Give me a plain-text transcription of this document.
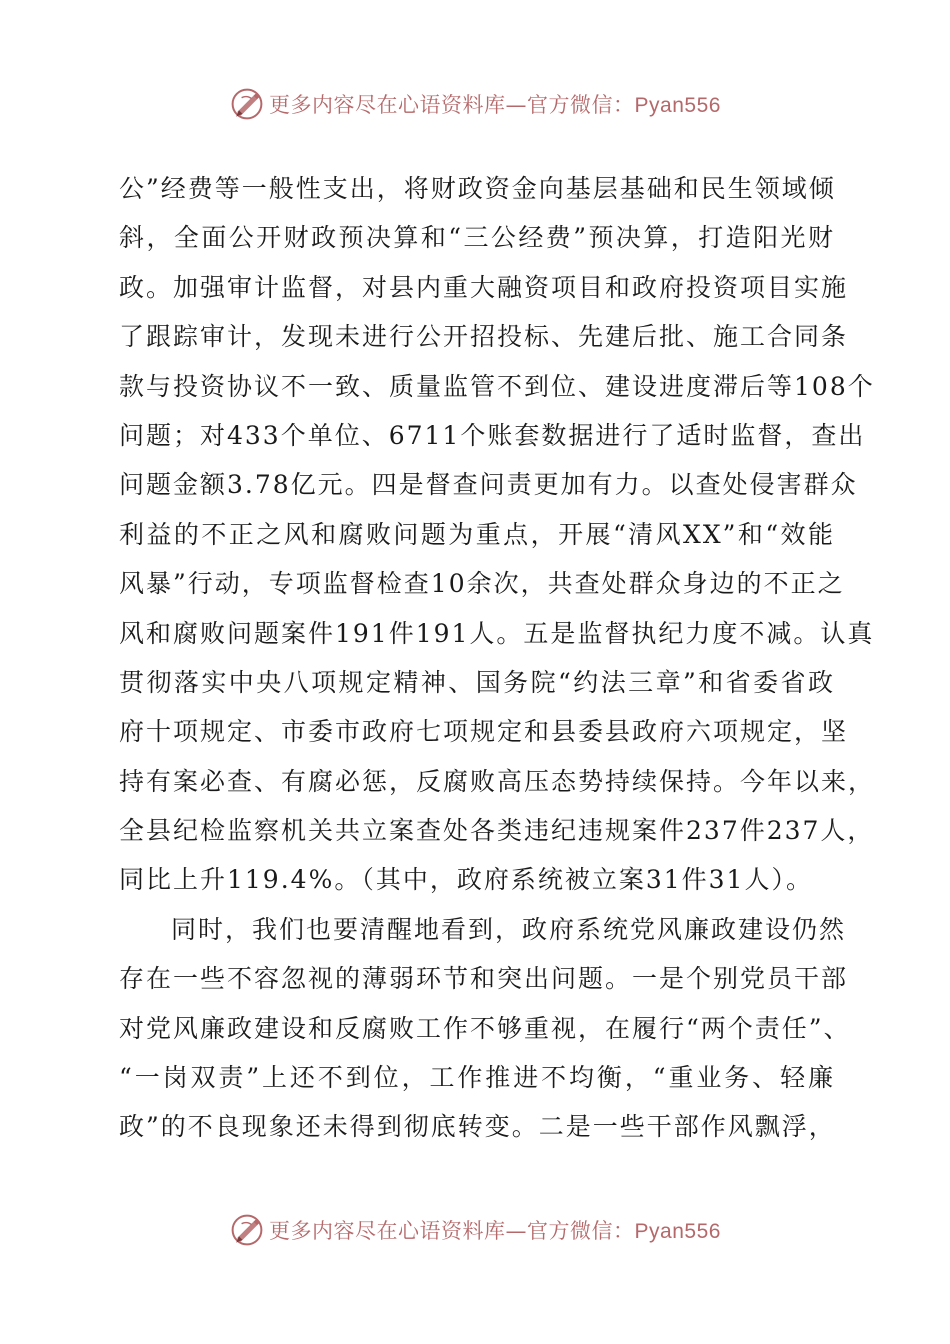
更多内容尽在心语资料库—官方微信：Pyan556
公”经费等一般性支出，将财政资金向基层基础和民生领域倾
斜，全面公开财政预决算和“三公经费”预决算，打造阳光财
政。加强审计监督，对县内重大融资项目和政府投资项目实施
了跟踪审计，发现未进行公开招投标、先建后批、施工合同条
款与投资协议不一致、质量监管不到位、建设进度滞后等108个
问题；对433个单位、6711个账套数据进行了适时监督，查出
问题金额3.78亿元。四是督查问责更加有力。以查处侵害群众
利益的不正之风和腐败问题为重点，开展“清风XX”和“效能
风暴”行动，专项监督检查10余次，共查处群众身边的不正之
风和腐败问题案件191件191人。五是监督执纪力度不减。认真
贯彻落实中央八项规定精神、国务院“约法三章”和省委省政
府十项规定、市委市政府七项规定和县委县政府六项规定，坚
持有案必查、有腐必惩，反腐败高压态势持续保持。今年以来，
全县纪检监察机关共立案查处各类违纪违规案件237件237人，
同比上升119.4%。（其中，政府系统被立案31件31人）。
同时，我们也要清醒地看到，政府系统党风廉政建设仍然
存在一些不容忽视的薄弱环节和突出问题。一是个别党员干部
对党风廉政建设和反腐败工作不够重视，在履行“两个责任”、
“一岗双责”上还不到位，工作推进不均衡，“重业务、轻廉
政”的不良现象还未得到彻底转变。二是一些干部作风飘浮，
更多内容尽在心语资料库—官方微信：Pyan556
